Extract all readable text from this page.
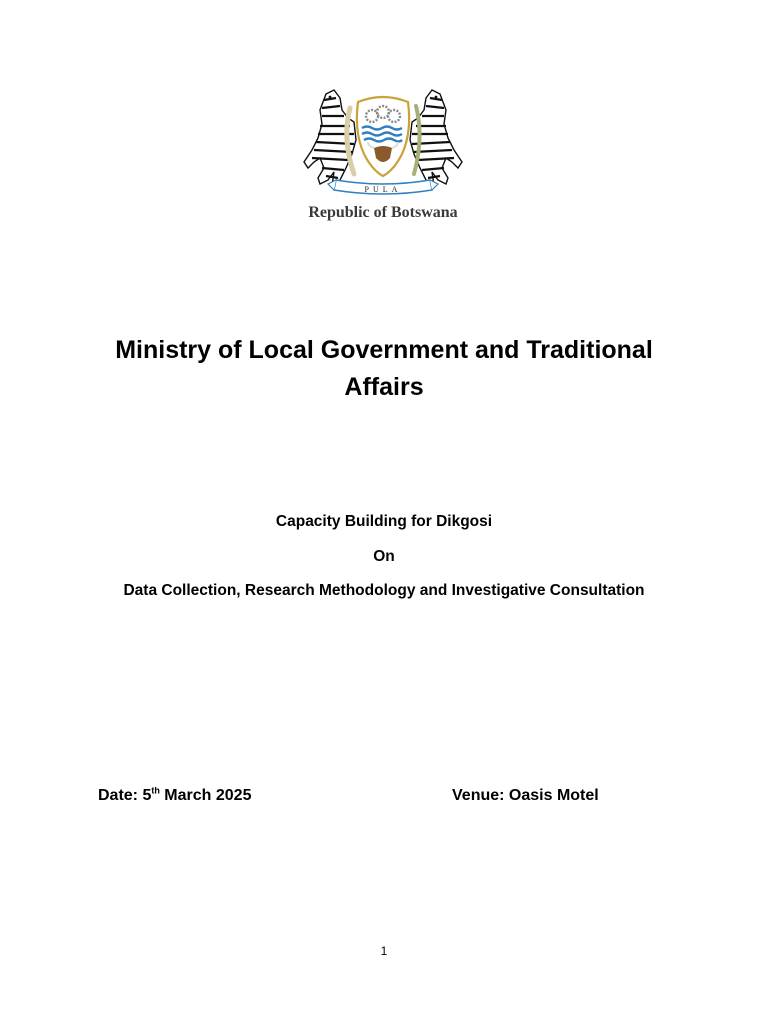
PULA
Republic of Botswana
Ministry of Local Government and Traditional Affairs
Capacity Building for Dikgosi
On
Data Collection, Research Methodology and Investigative Consultation
Date: 5th March 2025	Venue: Oasis Motel
1
